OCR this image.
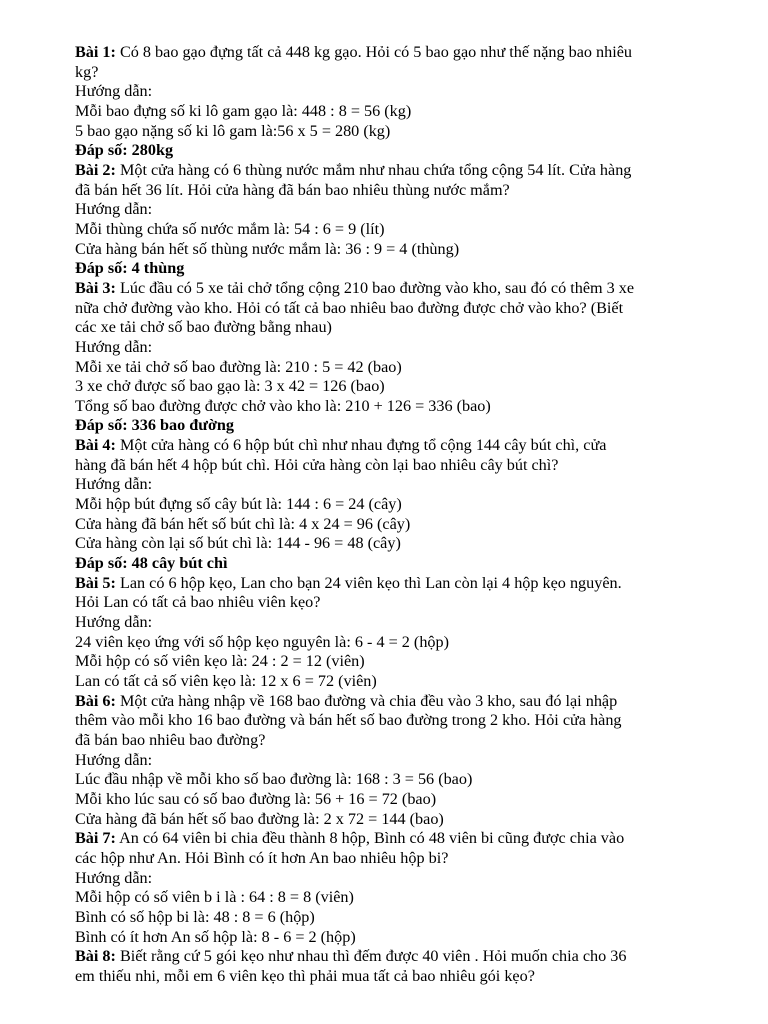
Bài 1: Có 8 bao gạo đựng tất cả 448 kg gạo. Hỏi có 5 bao gạo như thế nặng bao nhiêu
kg?
Hướng dẫn:
Mỗi bao đựng số ki lô gam gạo là: 448 : 8 = 56 (kg)
5 bao gạo nặng số ki lô gam là:56 x 5 = 280 (kg)
Đáp số: 280kg
Bài 2: Một cửa hàng có 6 thùng nước mắm như nhau chứa tổng cộng 54 lít. Cửa hàng
đã bán hết 36 lít. Hỏi cửa hàng đã bán bao nhiêu thùng nước mắm?
Hướng dẫn:
Mỗi thùng chứa số nước mắm là: 54 : 6 = 9 (lít)
Cửa hàng bán hết số thùng nước mắm là: 36 : 9 = 4 (thùng)
Đáp số: 4 thùng
Bài 3: Lúc đầu có 5 xe tải chở tổng cộng 210 bao đường vào kho, sau đó có thêm 3 xe
nữa chở đường vào kho. Hỏi có tất cả bao nhiêu bao đường được chở vào kho? (Biết
các xe tải chở số bao đường bằng nhau)
Hướng dẫn:
Mỗi xe tải chở số bao đường là: 210 : 5 = 42 (bao)
3 xe chở được số bao gạo là: 3 x 42 = 126 (bao)
Tổng số bao đường được chở vào kho là: 210 + 126 = 336 (bao)
Đáp số: 336 bao đường
Bài 4: Một cửa hàng có 6 hộp bút chì như nhau đựng tổ cộng 144 cây bút chì, cửa
hàng đã bán hết 4 hộp bút chì. Hỏi cửa hàng còn lại bao nhiêu cây bút chì?
Hướng dẫn:
Mỗi hộp bút đựng số cây bút là: 144 : 6 = 24 (cây)
Cửa hàng đã bán hết số bút chì là: 4 x 24 = 96 (cây)
Cửa hàng còn lại số bút chì là: 144 - 96 = 48 (cây)
Đáp số: 48 cây bút chì
Bài 5: Lan có 6 hộp kẹo, Lan cho bạn 24 viên kẹo thì Lan còn lại 4 hộp kẹo nguyên.
Hỏi Lan có tất cả bao nhiêu viên kẹo?
Hướng dẫn:
24 viên kẹo ứng với số hộp kẹo nguyên là: 6 - 4 = 2 (hộp)
Mỗi hộp có số viên kẹo là: 24 : 2 = 12 (viên)
Lan có tất cả số viên kẹo là: 12 x 6 = 72 (viên)
Bài 6: Một cửa hàng nhập về 168 bao đường và chia đều vào 3 kho, sau đó lại nhập
thêm vào mỗi kho 16 bao đường và bán hết số bao đường trong 2 kho. Hỏi cửa hàng
đã bán bao nhiêu bao đường?
Hướng dẫn:
Lúc đầu nhập về mỗi kho số bao đường là: 168 : 3 = 56 (bao)
Mỗi kho lúc sau có số bao đường là: 56 + 16 = 72 (bao)
Cửa hàng đã bán hết số bao đường là: 2 x 72 = 144 (bao)
Bài 7: An có 64 viên bi chia đều thành 8 hộp, Bình có 48 viên bi cũng được chia vào
các hộp như An. Hỏi Bình có ít hơn An bao nhiêu hộp bi?
Hướng dẫn:
Mỗi hộp có số viên b i là : 64 : 8 = 8 (viên)
Bình có số hộp bi là: 48 : 8 = 6 (hộp)
Bình có ít hơn An số hộp là: 8 - 6 = 2 (hộp)
Bài 8: Biết rằng cứ 5 gói kẹo như nhau thì đếm được 40 viên . Hỏi muốn chia cho 36
em thiếu nhi, mỗi em 6 viên kẹo thì phải mua tất cả bao nhiêu gói kẹo?
